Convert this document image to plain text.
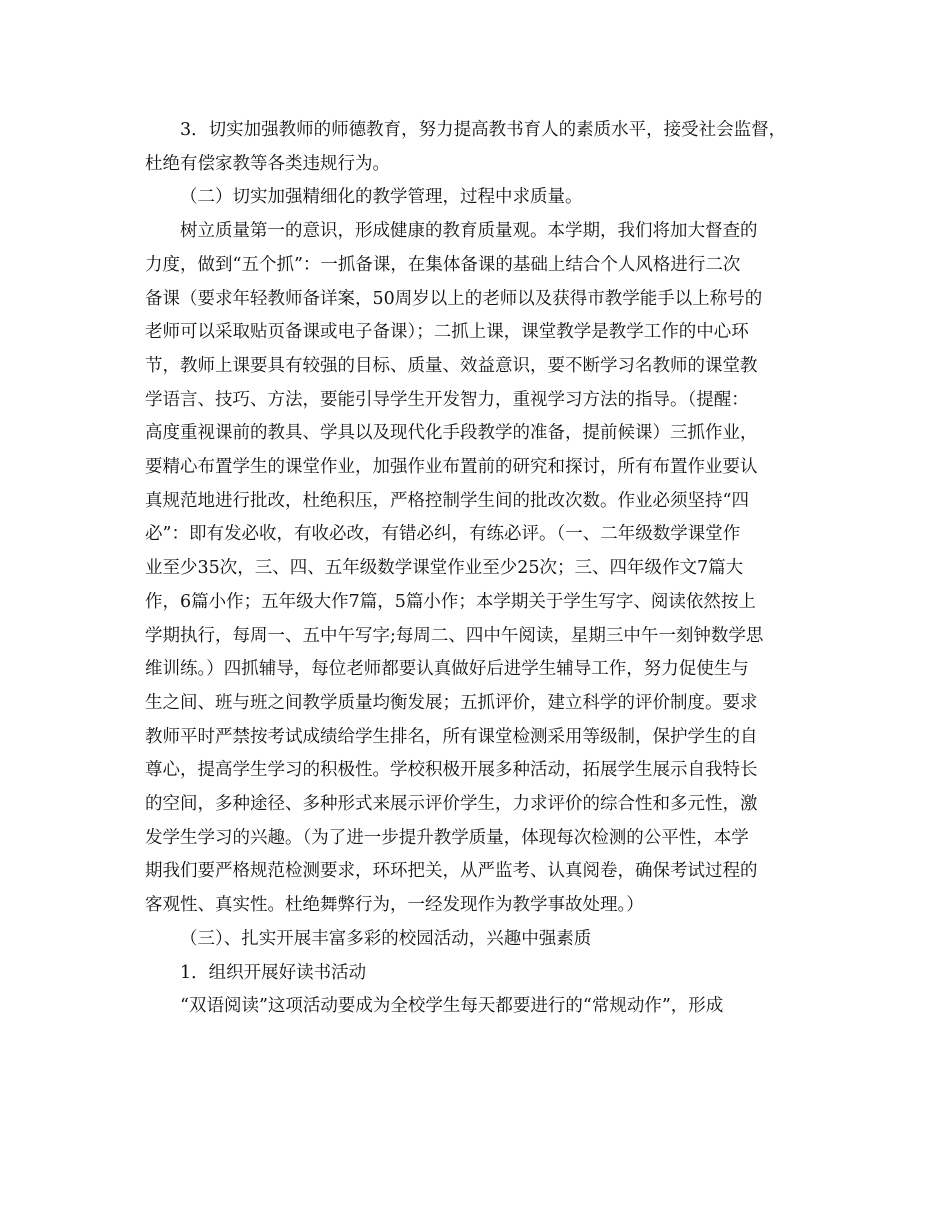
3．切实加强教师的师德教育，努力提高教书育人的素质水平，接受社会监督，
杜绝有偿家教等各类违规行为。

（二）切实加强精细化的教学管理，过程中求质量。

树立质量第一的意识，形成健康的教育质量观。本学期，我们将加大督查的
力度，做到“五个抓”：一抓备课，在集体备课的基础上结合个人风格进行二次
备课（要求年轻教师备详案，50周岁以上的老师以及获得市教学能手以上称号的
老师可以采取贴页备课或电子备课）；二抓上课，课堂教学是教学工作的中心环
节，教师上课要具有较强的目标、质量、效益意识，要不断学习名教师的课堂教
学语言、技巧、方法，要能引导学生开发智力，重视学习方法的指导。（提醒：
高度重视课前的教具、学具以及现代化手段教学的准备，提前候课）三抓作业，
要精心布置学生的课堂作业，加强作业布置前的研究和探讨，所有布置作业要认
真规范地进行批改，杜绝积压，严格控制学生间的批改次数。作业必须坚持“四
必”：即有发必收，有收必改，有错必纠，有练必评。（一、二年级数学课堂作
业至少35次，三、四、五年级数学课堂作业至少25次；三、四年级作文7篇大
作，6篇小作；五年级大作7篇，5篇小作；本学期关于学生写字、阅读依然按上
学期执行，每周一、五中午写字;每周二、四中午阅读，星期三中午一刻钟数学思
维训练。）四抓辅导，每位老师都要认真做好后进学生辅导工作，努力促使生与
生之间、班与班之间教学质量均衡发展；五抓评价，建立科学的评价制度。要求
教师平时严禁按考试成绩给学生排名，所有课堂检测采用等级制，保护学生的自
尊心，提高学生学习的积极性。学校积极开展多种活动，拓展学生展示自我特长
的空间，多种途径、多种形式来展示评价学生，力求评价的综合性和多元性，激
发学生学习的兴趣。（为了进一步提升教学质量，体现每次检测的公平性，本学
期我们要严格规范检测要求，环环把关，从严监考、认真阅卷，确保考试过程的
客观性、真实性。杜绝舞弊行为，一经发现作为教学事故处理。）

（三）、扎实开展丰富多彩的校园活动，兴趣中强素质

1．组织开展好读书活动

“双语阅读”这项活动要成为全校学生每天都要进行的“常规动作”，形成
